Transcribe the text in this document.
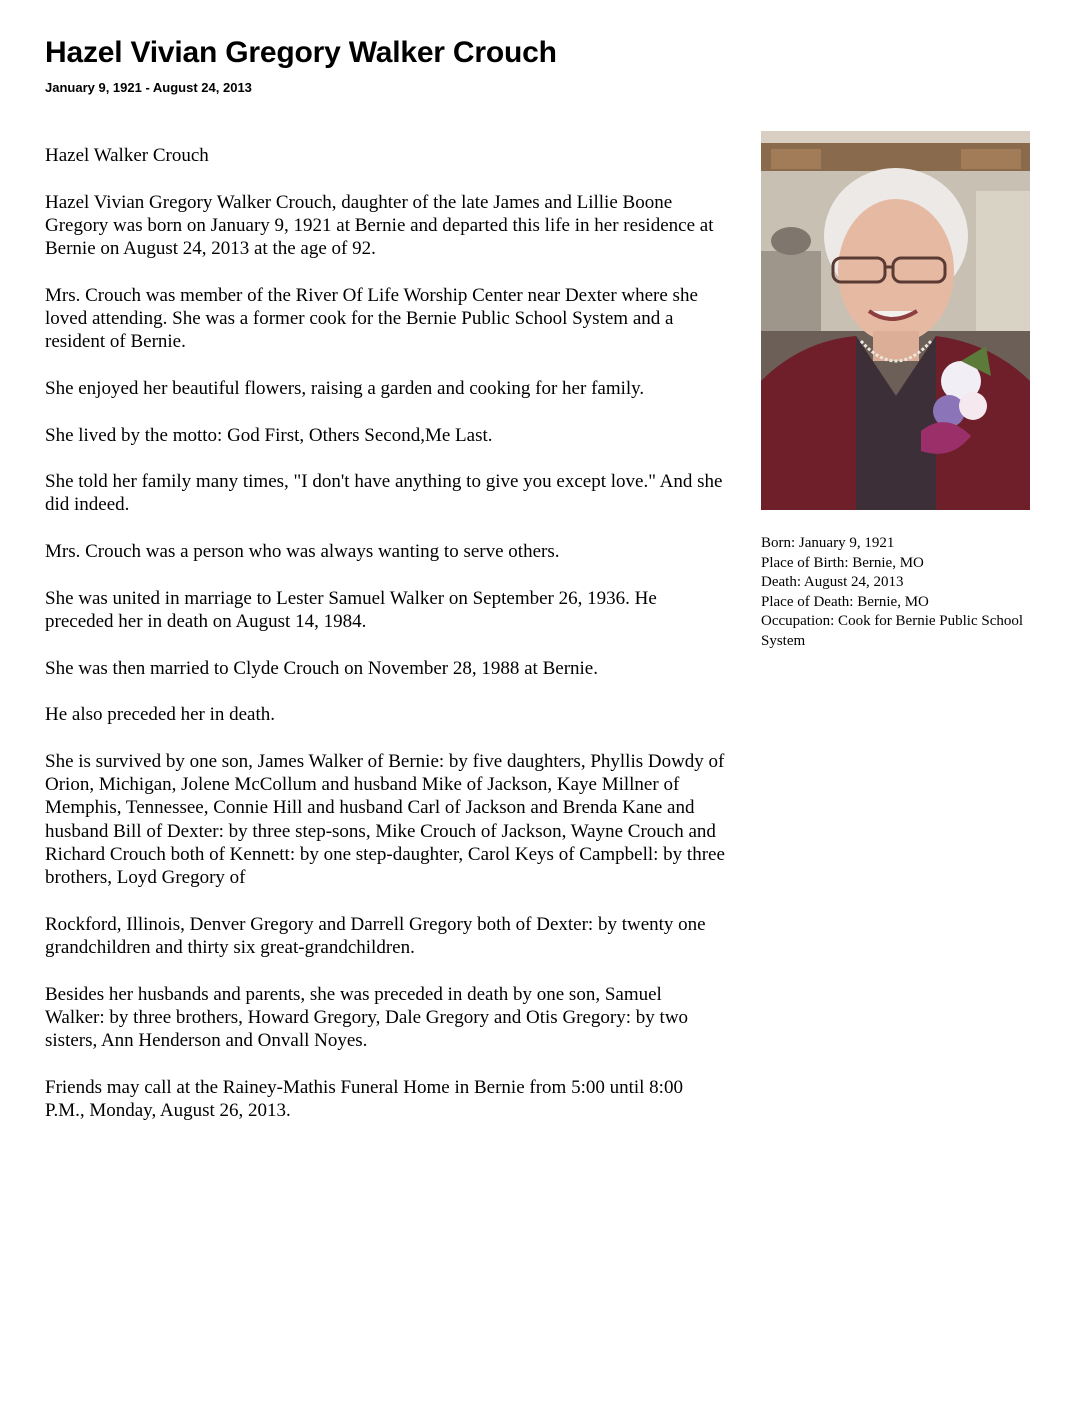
Hazel Vivian Gregory Walker Crouch
January 9, 1921 - August 24, 2013

Hazel Walker Crouch

Hazel Vivian Gregory Walker Crouch, daughter of the late James and Lillie Boone Gregory was born on January 9, 1921 at Bernie and departed this life in her residence at Bernie on August 24, 2013 at the age of 92.

Mrs. Crouch was member of the River Of Life Worship Center near Dexter where she loved attending. She was a former cook for the Bernie Public School System and a resident of Bernie.

She enjoyed her beautiful flowers, raising a garden and cooking for her family.

She lived by the motto: God First, Others Second,Me Last.

She told her family many times, "I don't have anything to give you except love." And she did indeed.

Mrs. Crouch was a person who was always wanting to serve others.

She was united in marriage to Lester Samuel Walker on September 26, 1936. He preceded her in death on August 14, 1984.

She was then married to Clyde Crouch on November 28, 1988 at Bernie.

He also preceded her in death.

She is survived by one son, James Walker of Bernie: by five daughters, Phyllis Dowdy of Orion, Michigan, Jolene McCollum and husband Mike of Jackson, Kaye Millner of Memphis, Tennessee, Connie Hill and husband Carl of Jackson and Brenda Kane and husband Bill of Dexter: by three step-sons, Mike Crouch of Jackson, Wayne Crouch and Richard Crouch both of Kennett: by one step-daughter, Carol Keys of Campbell: by three brothers, Loyd Gregory of

Rockford, Illinois, Denver Gregory and Darrell Gregory both of Dexter: by twenty one grandchildren and thirty six great-grandchildren.

Besides her husbands and parents, she was preceded in death by one son, Samuel Walker: by three brothers, Howard Gregory, Dale Gregory and Otis Gregory: by two sisters, Ann Henderson and Onvall Noyes.

Friends may call at the Rainey-Mathis Funeral Home in Bernie from 5:00 until 8:00 P.M., Monday, August 26, 2013.

Born: January 9, 1921
Place of Birth: Bernie, MO
Death: August 24, 2013
Place of Death: Bernie, MO
Occupation: Cook for Bernie Public School System
